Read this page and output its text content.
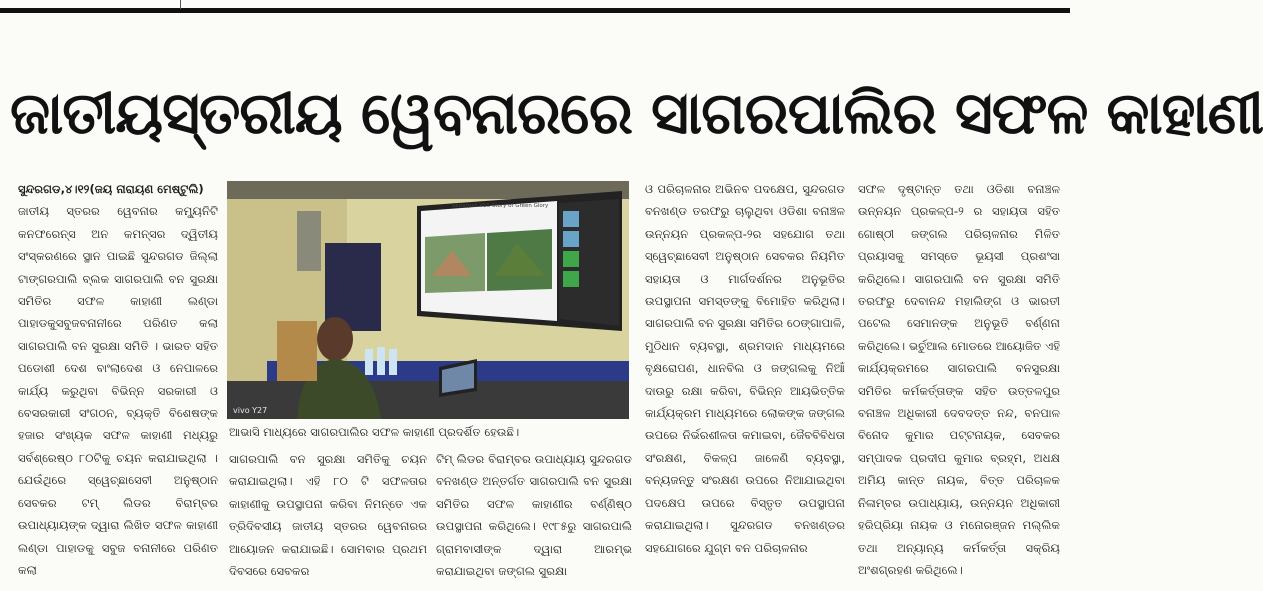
ଜାତୀୟସ୍ତରୀୟ ୱେବନାରରେ ସାଗରପାଲିର ସଫଳ କାହାଣୀ

ସୁନ୍ଦରଗଡ,୪।୧୨(ଜୟ ନାରାୟଣ ମେଷ୍ଟୁଲି)

ଜାତୀୟ ସ୍ତରର ୱେବନାର କମ୍ୟୁନିଟି କନଫରେନ୍ସ ଅନ କମନ୍ସର ଦ୍ୱିତୀୟ ସଂସ୍କରଣରେ ସ୍ଥାନ ପାଇଛି ସୁନ୍ଦରଗଡ ଜିଲ୍ଲା ଟାଙ୍ଗରପାଲି ବ୍ଲକ ସାଗରପାଲି ବନ ସୁରକ୍ଷା ସମିତିର ସଫଳ କାହାଣୀ ଲଣ୍ଡା ପାହାଡକୁସବୁଜବନାନୀରେ ପରିଣତ କଲା ସାଗରପାଲି ବନ ସୁରକ୍ଷା ସମିତି । ଭାରତ ସହିତ ପଡୋଶୀ ଦେଶ ବାଂଲାଦେଶ ଓ ନେପାଳରେ କାର୍ଯ୍ୟ କରୁଥିବା ବିଭିନ୍ନ ସରକାରୀ ଓ ବେସରକାରୀ ସଂଗଠନ, ବ୍ୟକ୍ତି ବିଶେଷଙ୍କ ହଜାର ସଂଖ୍ୟକ ସଫଳ କାହାଣୀ ମଧ୍ୟରୁ ସର୍ବଶ୍ରେଷ୍ଠ ୮୦ଟିକୁ ଚୟନ କରାଯାଇଥିଲା । ଯେଉଁଥିରେ ସ୍ୱେଚ୍ଛାସେବୀ ଅନୁଷ୍ଠାନ ସେବକର ଟମ୍ ଲିଡର ବିରାମ୍ବର ଉପାଧ୍ୟାୟଙ୍କ ଦ୍ୱାରା ଲିଖିତ ସଫଳ କାହାଣୀ ଲଣ୍ଡା ପାହାଡକୁ ସବୁଜ ବନାନୀରେ ପରିଣତ କଲା

Sagarpali VSS Story of Green Glory
vivo Y27
ଆଭାସି ମାଧ୍ୟରେ ସାଗରପାଲିର ସଫଳ କାହାଣୀ ପ୍ରଦର୍ଶିତ ହେଉଛି।

ସାଗରପାଲି ବନ ସୁରକ୍ଷା ସମିତିକୁ ଚୟନ କରାଯାଇଥିଲା। ଏହି ୮୦ ଟି ସଫଳତାର କାହାଣୀକୁ ଉପସ୍ଥାପନା କରିବା ନିମନ୍ତେ ଏକ ତ୍ରିଦିବସୀୟ ଜାତୀୟ ସ୍ତରର ୱେବନାରର ଆୟୋଜନ କରାଯାଇଛି। ସୋମବାର ପ୍ରଥମ ଦିବସରେ ସେବକର

ଟିମ୍ ଲିଡର ବିରାମ୍ବର ଉପାଧ୍ୟାୟ ସୁନ୍ଦରଗଡ ବନଖଣ୍ଡ ଅନ୍ତର୍ଗତ ସାଗରପାଲି ବନ ସୁରକ୍ଷା ସମିତିର ସଫଳ କାହାଣୀର ବର୍ଣ୍ଣିଷ୍ଠ ଉପସ୍ଥାପନା କରିଥିଲେ। ୧୯୮୫ରୁ ସାଗରପାଲି ଗ୍ରାମବାସୀଙ୍କ ଦ୍ୱାରା ଆରମ୍ଭ କରାଯାଇଥିବା ଜଙ୍ଗଲ ସୁରକ୍ଷା

ଓ ପରିଚାଳନାର ଅଭିନବ ପଦକ୍ଷେପ, ସୁନ୍ଦରଗଡ ବନଖଣ୍ଡ ତରଫରୁ ଚାଲୁଥିବା ଓଡିଶା ବନାଞ୍ଚଳ ଉନ୍ନୟନ ପ୍ରକଳ୍ପ-୨ର ସହଯୋଗ ତଥା ସ୍ୱେଚ୍ଛାସେବୀ ଅନୁଷ୍ଠାନ ସେବକର ନିୟମିତ ସହାୟତା ଓ ମାର୍ଗଦର୍ଶନର ଅନୁଭୂତିର ଉପସ୍ଥାପନା ସମସ୍ତଙ୍କୁ ବିମୋହିତ କରିଥିଲା। ସାଗରପାଲି ବନ ସୁରକ୍ଷା ସମିତିର ଠେଙ୍ଗାପାଳି, ମୁଠିଧାନ ବ୍ୟବସ୍ଥା, ଶ୍ରମଦାନ ମାଧ୍ୟମରେ ବୃକ୍ଷରୋପଣ, ଧାନବିଲ ଓ ଜଙ୍ଗଲକୁ ନିଆଁ ଦାଉରୁ ରକ୍ଷା କରିବା, ବିଭିନ୍ନ ଆୟଭିତ୍ତିକ କାର୍ଯ୍ୟକ୍ରମ ମାଧ୍ୟମରେ ଲୋକଙ୍କ ଜଙ୍ଗଲ ଉପରେ ନିର୍ଭରଶୀଳତା କମାଇବା, ଜୈବବିବିଧତା ସଂରକ୍ଷଣ, ବିକଳ୍ପ ଜାଳେଣି ବ୍ୟବସ୍ଥା, ବନ୍ୟଜନ୍ତୁ ସଂରକ୍ଷଣ ଉପରେ ନିଆଯାଇଥିବା ପଦକ୍ଷେପ ଉପରେ ବିସ୍ତୃତ ଉପସ୍ଥାପନା କରାଯାଇଥିଲା। ସୁନ୍ଦରଗଡ ବନଖଣ୍ଡର ସହଯୋଗରେ ଯୁଗ୍ମ ବନ ପରିଚାଳନାର

ସଫଳ ଦୃଷ୍ଟାନ୍ତ ତଥା ଓଡିଶା ବନାଞ୍ଚଳ ଉନ୍ନୟନ ପ୍ରକଳ୍ପ-୨ ର ସହାୟତା ସହିତ ଗୋଷ୍ଠୀ ଜଙ୍ଗଲ ପରିଚାଳନାର ମିଳିତ ପ୍ରୟାସକୁ ସମସ୍ତେ ଭୂୟସୀ ପ୍ରଶଂସା କରିଥିଲେ। ସାଗରପାଲି ବନ ସୁରକ୍ଷା ସମିତି ତରଫରୁ ଦେବାନନ୍ଦ ମହାଲିଙ୍ଗ ଓ ଭାରତୀ ପଟେଲ ସେମାନଙ୍କ ଅନୁଭୂତି ବର୍ଣ୍ଣନା କରିଥିଲେ। ଭର୍ଚୁଆଲ ମୋଡରେ ଆୟୋଜିତ ଏହି କାର୍ଯ୍ୟକ୍ରମରେ ସାଗରପାଲି ବନସୁରକ୍ଷା ସମିତିର କର୍ମକର୍ତ୍ତାଙ୍କ ସହିତ ଉତ୍ତଳପୁର ବନାଞ୍ଚଳ ଅଧିକାରୀ ଦେବଦତ୍ତ ନନ୍ଦ, ବନପାଳ ବିନୋଦ କୁମାର ପଟ୍ଟନାୟକ, ସେବକର ସମ୍ପାଦକ ପ୍ରଦୀପ କୁମାର ବ୍ରହ୍ମ, ଅଧକ୍ଷ ଅମିୟ କାନ୍ତ ନାୟକ, ବିତ୍ତ ପରିଚାଳକ ନିଳାମ୍ବର ଉପାଧ୍ୟାୟ, ଉନ୍ନୟନ ଅଧିକାରୀ ହରିପ୍ରିୟା ନାୟକ ଓ ମନୋରଞ୍ଜନ ମଲ୍ଲିକ ତଥା ଅନ୍ୟାନ୍ୟ କର୍ମକର୍ତ୍ତା ସକ୍ରିୟ ଅଂଶଗ୍ରହଣ କରିଥିଲେ।
